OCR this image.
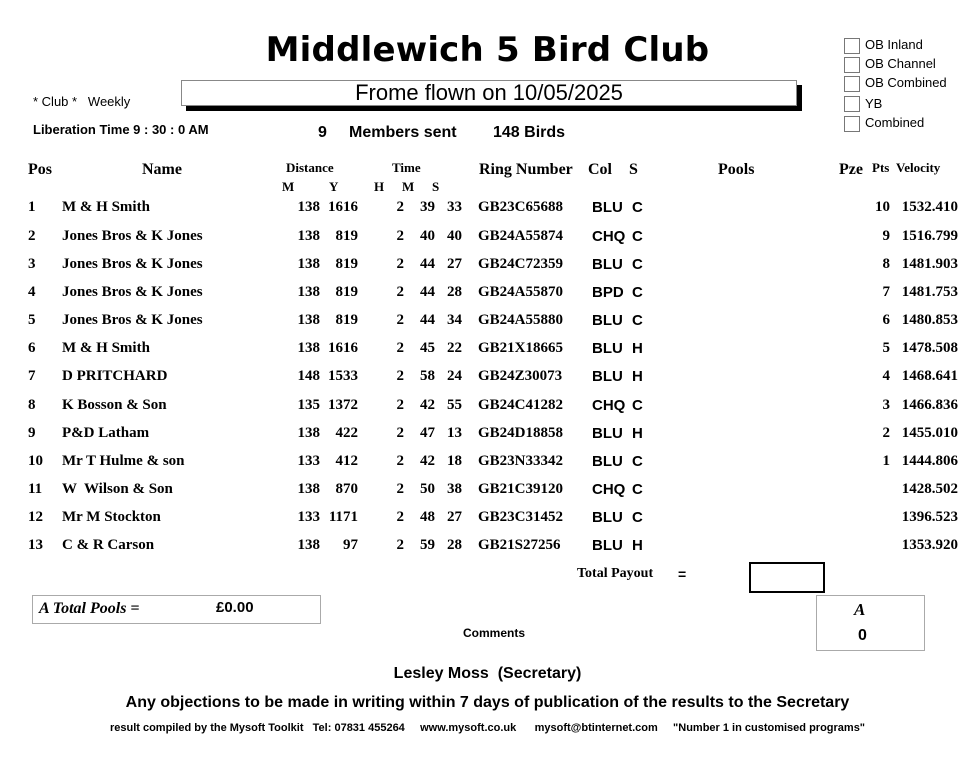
Middlewich 5 Bird Club
Frome flown on 10/05/2025
OB Inland
OB Channel
OB Combined
YB
Combined
* Club *   Weekly
Liberation Time 9 : 30 : 0 AM	9 Members sent 148 Birds
Pos	Name	Distance
M	Y
Time
H M S
Ring Number Col S	Pools	Pze Pts Velocity
1 M & H Smith	138 1616	2	39 33 GB23C65688 BLU C	10 1532.410
2 Jones Bros & K Jones	138	819	2	40 40 GB24A55874 CHQ C	9 1516.799
3 Jones Bros & K Jones	138	819	2	44 27 GB24C72359 BLU C	8 1481.903
4 Jones Bros & K Jones	138	819	2	44 28 GB24A55870 BPD C	7 1481.753
5 Jones Bros & K Jones	138	819	2	44 34 GB24A55880 BLU C	6 1480.853
6 M & H Smith	138 1616	2	45 22 GB21X18665 BLU H	5 1478.508
7 D PRITCHARD	148 1533	2	58 24 GB24Z30073 BLU H	4 1468.641
8 K Bosson & Son	135 1372	2	42 55 GB24C41282 CHQ C	3 1466.836
9 P&D Latham	138	422	2	47 13 GB24D18858 BLU H	2 1455.010
10 Mr T Hulme & son	133	412	2	42 18 GB23N33342 BLU C	1 1444.806
11 W  Wilson & Son	138	870	2	50 38 GB21C39120 CHQ C	1428.502
12 Mr M Stockton	133 1171	2	48 27 GB23C31452 BLU C	1396.523
13 C & R Carson	138	97	2	59 28 GB21S27256 BLU H	1353.920
Total Payout =
A Total Pools =	£0.00
Comments
A
0
Lesley Moss  (Secretary)
Any objections to be made in writing within 7 days of publication of the results to the Secretary
result compiled by the Mysoft Toolkit   Tel: 07831 455264     www.mysoft.co.uk      mysoft@btinternet.com     "Number 1 in customised programs"
